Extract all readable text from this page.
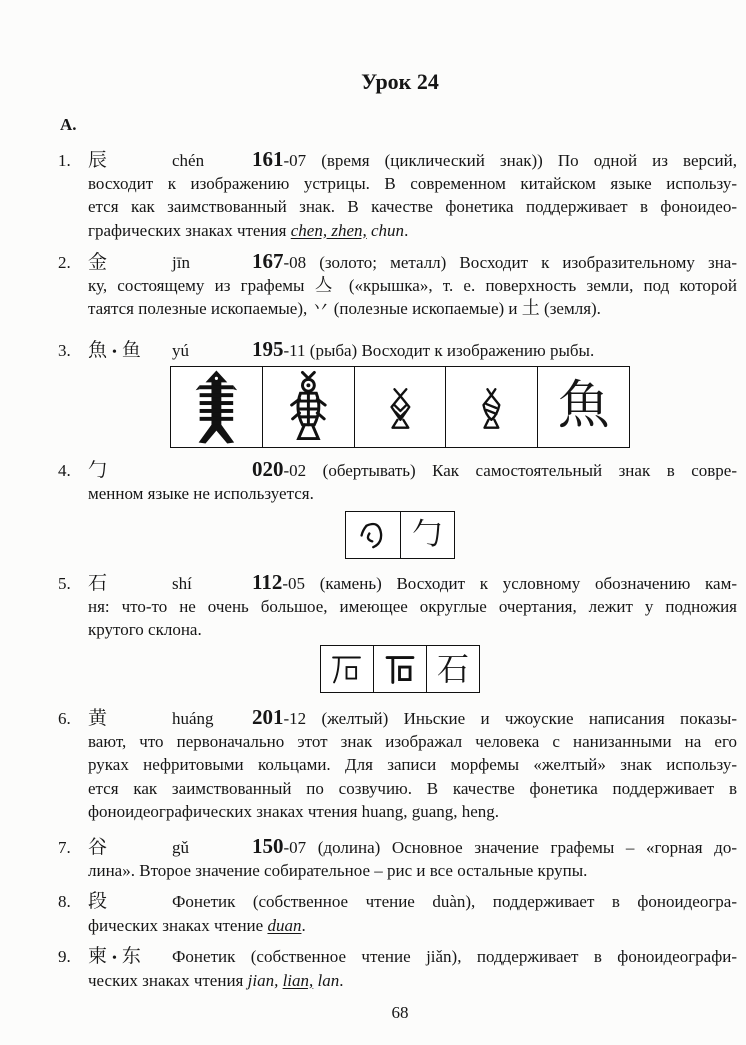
Урок 24
А.
1. 辰	chén	161-07 (время (циклический знак)) По одной из версий,
восходит к изображению устрицы. В современном китайском языке использу-
ется как заимствованный знак. В качестве фонетика поддерживает в фоноидео-
графических знаках чтения chen, zhen, chun.
2. 金	jīn	167-08 (золото; металл) Восходит к изобразительному зна-
ку, состоящему из графемы 亼 («крышка», т. е. поверхность земли, под которой
таятся полезные ископаемые), 丷 (полезные ископаемые) и 土 (земля).
3. 魚 • 鱼	yú	195-11 (рыба) Восходит к изображению рыбы.
魚
4. 勹	020-02 (обертывать) Как самостоятельный знак в совре-
менном языке не используется.
勹
5. 石	shí	112-05 (камень) Восходит к условному обозначению кам-
ня: что-то не очень большое, имеющее округлые очертания, лежит у подножия
крутого склона.
石
6. 黄	huáng	201-12 (желтый) Иньские и чжоуские написания показы-
вают, что первоначально этот знак изображал человека с нанизанными на его
руках нефритовыми кольцами. Для записи морфемы «желтый» знак использу-
ется как заимствованный по созвучию. В качестве фонетика поддерживает в
фоноидеографических знаках чтения huang, guang, heng.
7. 谷	gǔ	150-07 (долина) Основное значение графемы – «горная до-
лина». Второе значение собирательное – рис и все остальные крупы.
8. 段	Фонетик (собственное чтение duàn), поддерживает в фоноидеогра-
фических знаках чтение duan.
9. 柬 • 东	Фонетик (собственное чтение jiǎn), поддерживает в фоноидеографи-
ческих знаках чтения jian, lian, lan.
68
